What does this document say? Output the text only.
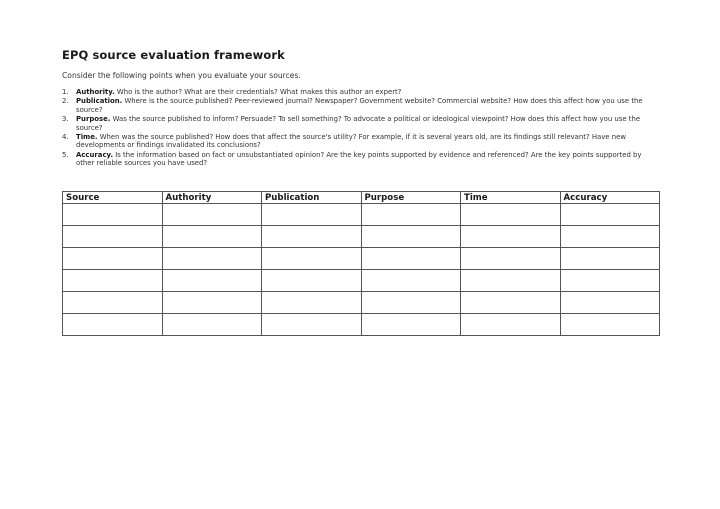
EPQ source evaluation framework

Consider the following points when you evaluate your sources.

1. Authority. Who is the author? What are their credentials? What makes this author an expert?
2. Publication. Where is the source published? Peer-reviewed journal? Newspaper? Government website? Commercial website? How does this affect how you use the source?
3. Purpose. Was the source published to inform? Persuade? To sell something? To advocate a political or ideological viewpoint? How does this affect how you use the source?
4. Time. When was the source published? How does that affect the source's utility? For example, if it is several years old, are its findings still relevant? Have new developments or findings invalidated its conclusions?
5. Accuracy. Is the information based on fact or unsubstantiated opinion? Are the key points supported by evidence and referenced? Are the key points supported by other reliable sources you have used?
Source	Authority	Publication	Purpose	Time	Accuracy
